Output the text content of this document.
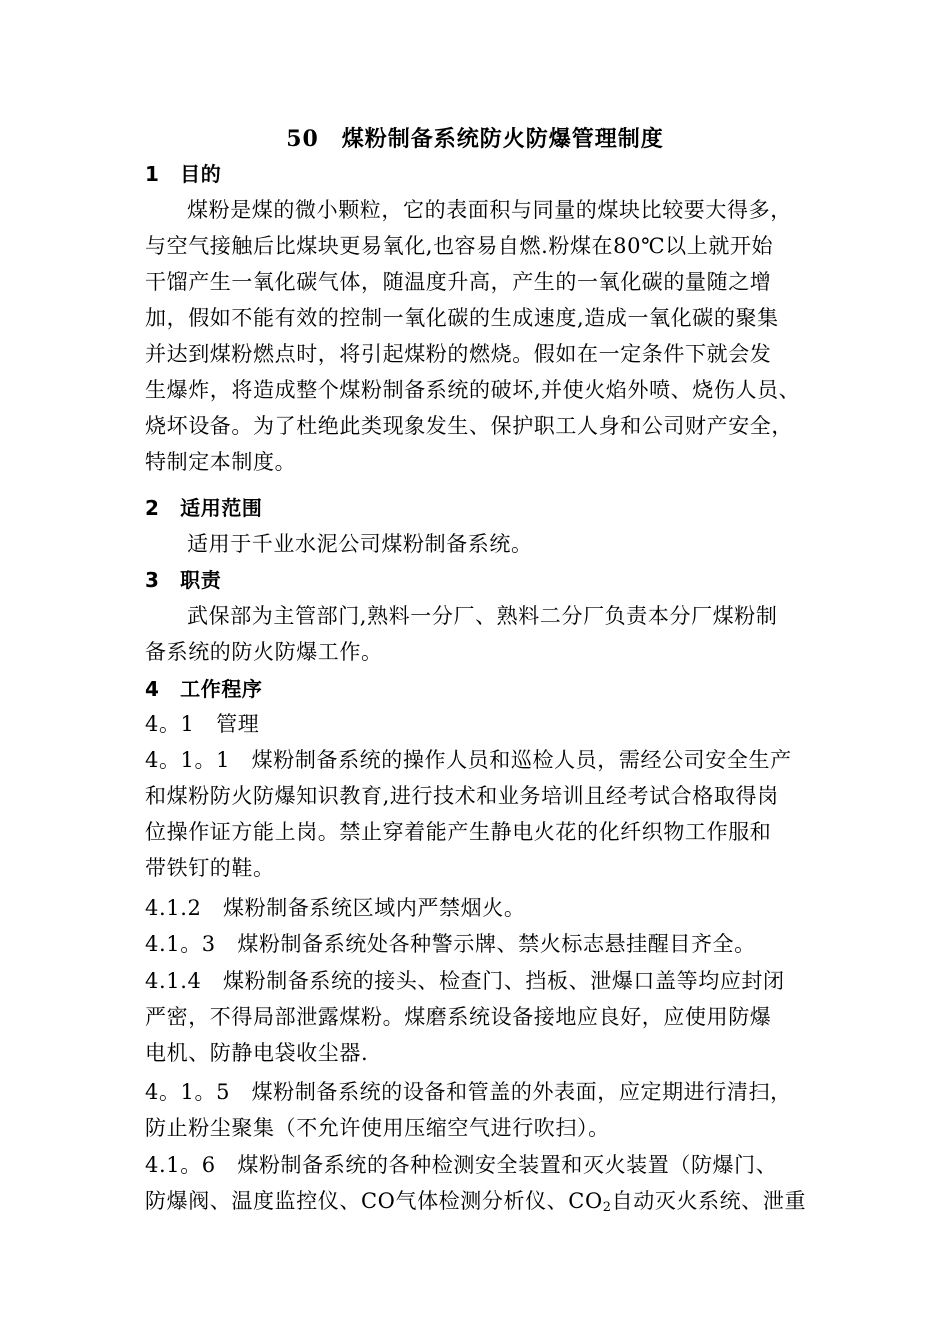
50　煤粉制备系统防火防爆管理制度
1　目的
煤粉是煤的微小颗粒，它的表面积与同量的煤块比较要大得多，
与空气接触后比煤块更易氧化,也容易自燃.粉煤在80℃以上就开始
干馏产生一氧化碳气体，随温度升高，产生的一氧化碳的量随之增
加，假如不能有效的控制一氧化碳的生成速度,造成一氧化碳的聚集
并达到煤粉燃点时，将引起煤粉的燃烧。假如在一定条件下就会发
生爆炸，将造成整个煤粉制备系统的破坏,并使火焰外喷、烧伤人员、
烧坏设备。为了杜绝此类现象发生、保护职工人身和公司财产安全，
特制定本制度。
2　适用范围
适用于千业水泥公司煤粉制备系统。
3　职责
武保部为主管部门,熟料一分厂、熟料二分厂负责本分厂煤粉制
备系统的防火防爆工作。
4　工作程序
4。1　管理
4。1。1　煤粉制备系统的操作人员和巡检人员，需经公司安全生产
和煤粉防火防爆知识教育,进行技术和业务培训且经考试合格取得岗
位操作证方能上岗。禁止穿着能产生静电火花的化纤织物工作服和
带铁钉的鞋。
4.1.2　煤粉制备系统区域内严禁烟火。
4.1。3　煤粉制备系统处各种警示牌、禁火标志悬挂醒目齐全。
4.1.4　煤粉制备系统的接头、检查门、挡板、泄爆口盖等均应封闭
严密，不得局部泄露煤粉。煤磨系统设备接地应良好，应使用防爆
电机、防静电袋收尘器.
4。1。5　煤粉制备系统的设备和管盖的外表面，应定期进行清扫，
防止粉尘聚集（不允许使用压缩空气进行吹扫）。
4.1。6　煤粉制备系统的各种检测安全装置和灭火装置（防爆门、
防爆阀、温度监控仪、CO气体检测分析仪、$CO_2$自动灭火系统、泄重
